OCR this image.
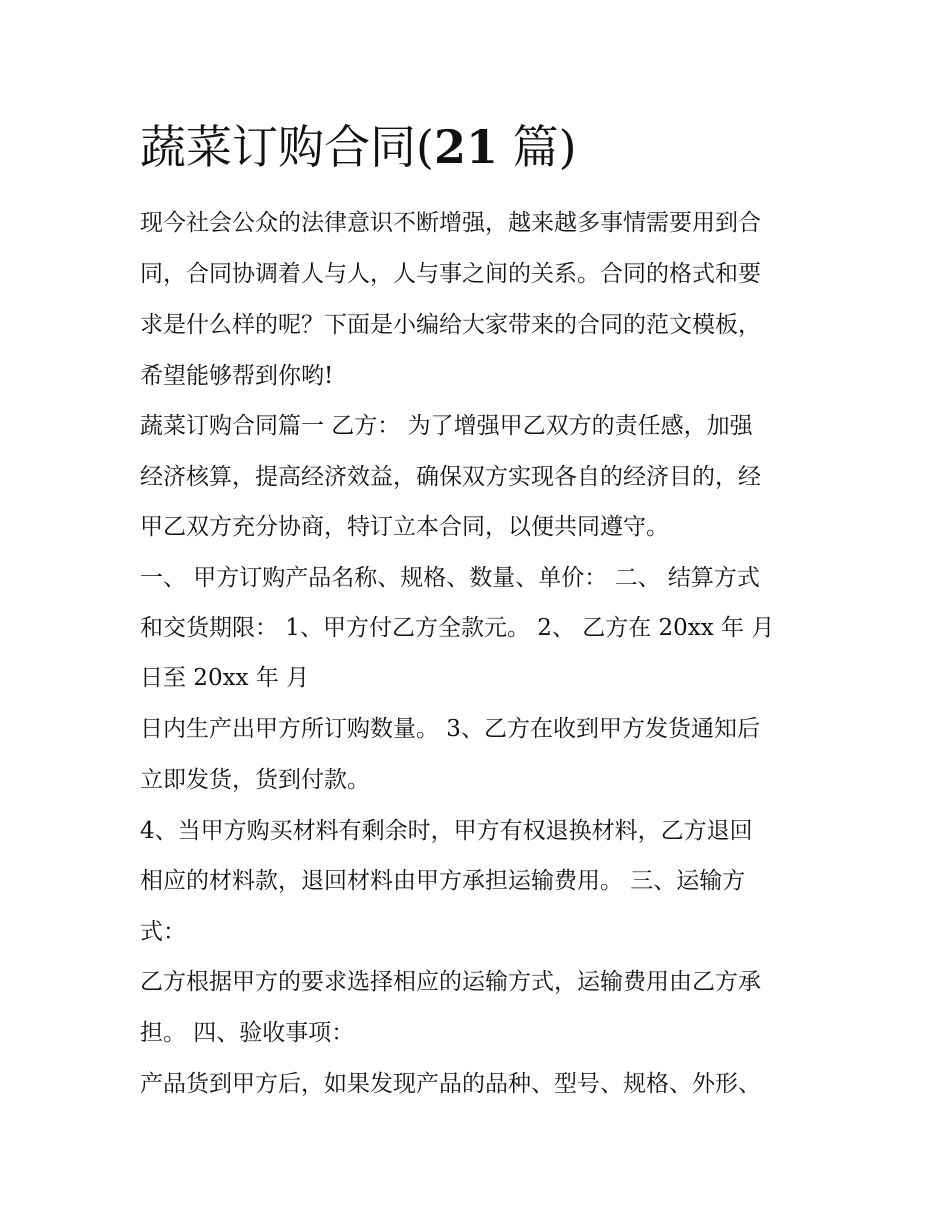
蔬菜订购合同(21 篇)

现今社会公众的法律意识不断增强，越来越多事情需要用到合

同，合同协调着人与人，人与事之间的关系。合同的格式和要

求是什么样的呢？下面是小编给大家带来的合同的范文模板，

希望能够帮到你哟!

蔬菜订购合同篇一 乙方： 为了增强甲乙双方的责任感，加强

经济核算，提高经济效益，确保双方实现各自的经济目的，经

甲乙双方充分协商，特订立本合同，以便共同遵守。

一、 甲方订购产品名称、规格、数量、单价： 二、 结算方式

和交货期限： 1、甲方付乙方全款元。 2、 乙方在 20xx 年 月

日至 20xx 年 月

日内生产出甲方所订购数量。 3、乙方在收到甲方发货通知后

立即发货，货到付款。

4、当甲方购买材料有剩余时，甲方有权退换材料，乙方退回

相应的材料款，退回材料由甲方承担运输费用。 三、运输方

式：

乙方根据甲方的要求选择相应的运输方式，运输费用由乙方承

担。 四、验收事项：

产品货到甲方后，如果发现产品的品种、型号、规格、外形、
